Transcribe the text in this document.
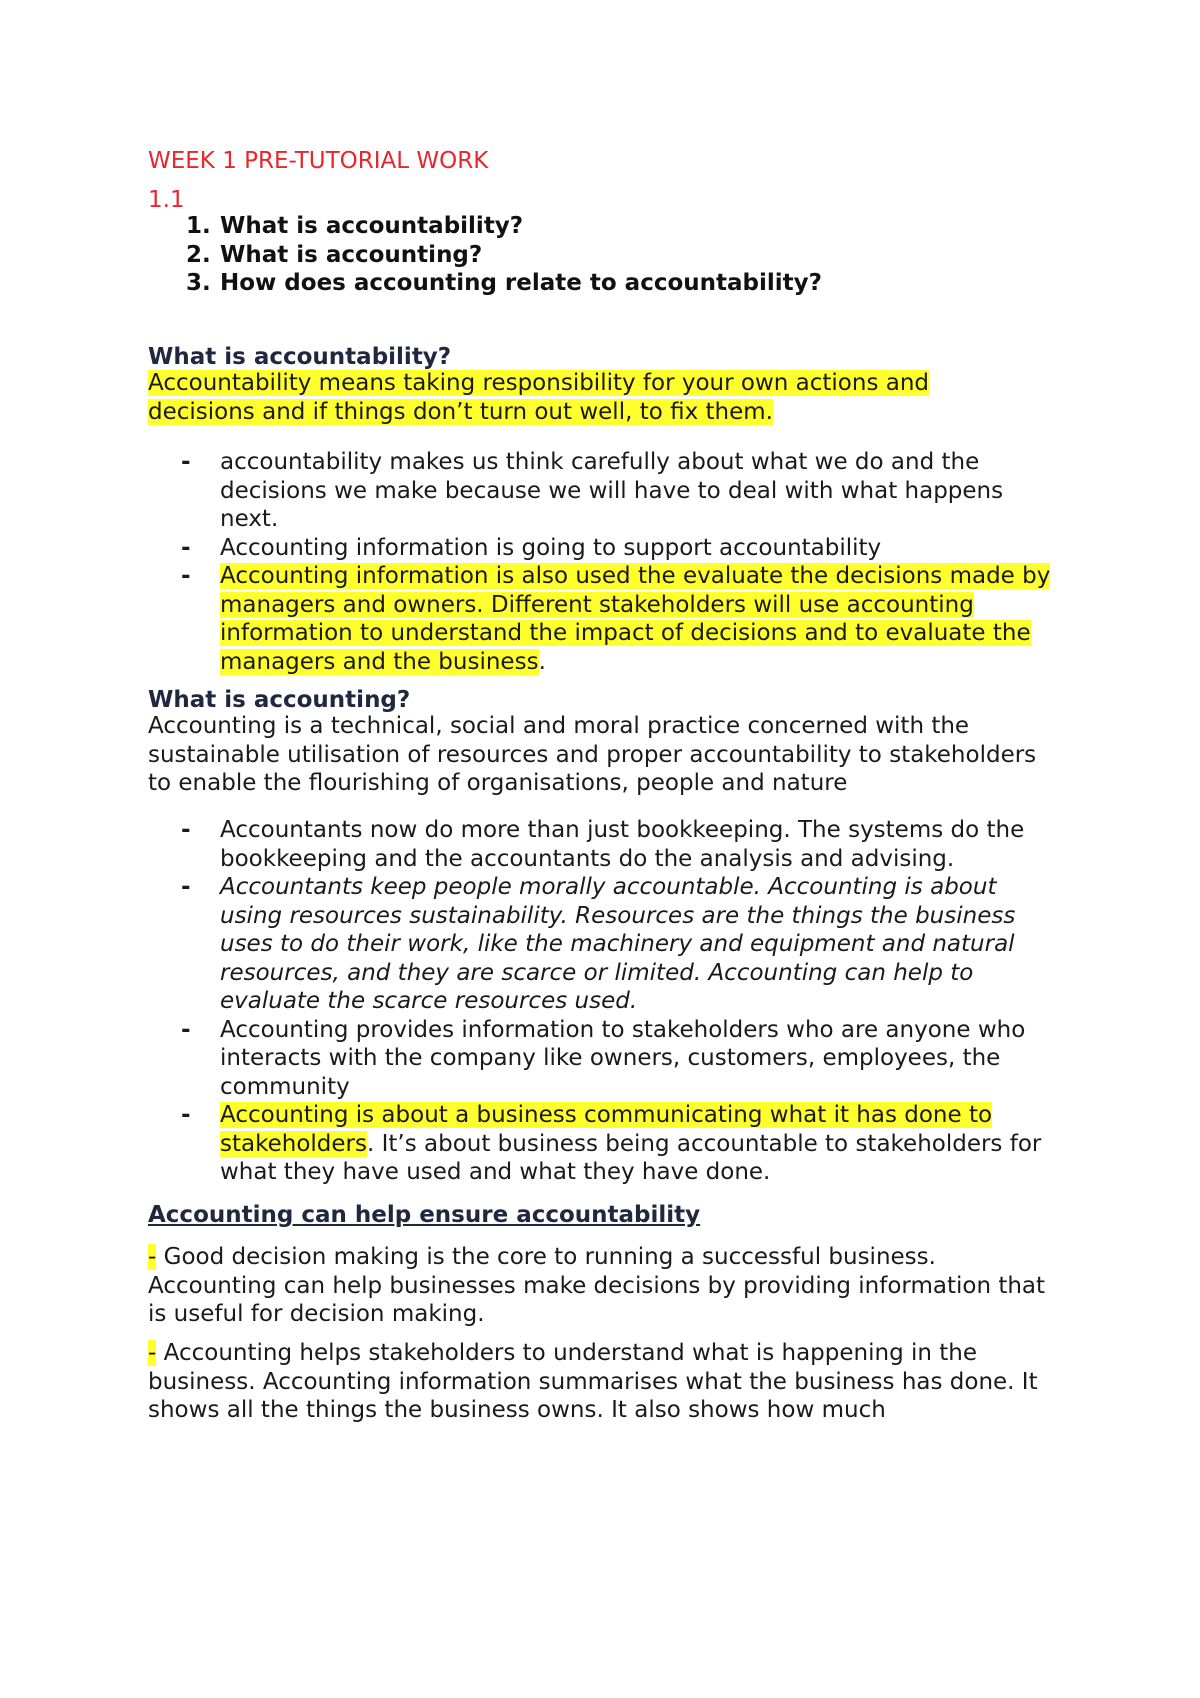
WEEK 1 PRE-TUTORIAL WORK
1.1
1. What is accountability?
2. What is accounting?
3. How does accounting relate to accountability?
What is accountability?
Accountability means taking responsibility for your own actions and decisions and if things don’t turn out well, to fix them.
- accountability makes us think carefully about what we do and the decisions we make because we will have to deal with what happens next.
- Accounting information is going to support accountability
- Accounting information is also used the evaluate the decisions made by managers and owners. Different stakeholders will use accounting information to understand the impact of decisions and to evaluate the managers and the business.
What is accounting?
Accounting is a technical, social and moral practice concerned with the sustainable utilisation of resources and proper accountability to stakeholders to enable the flourishing of organisations, people and nature
- Accountants now do more than just bookkeeping. The systems do the bookkeeping and the accountants do the analysis and advising.
- Accountants keep people morally accountable. Accounting is about using resources sustainability. Resources are the things the business uses to do their work, like the machinery and equipment and natural resources, and they are scarce or limited. Accounting can help to evaluate the scarce resources used.
- Accounting provides information to stakeholders who are anyone who interacts with the company like owners, customers, employees, the community
- Accounting is about a business communicating what it has done to stakeholders. It’s about business being accountable to stakeholders for what they have used and what they have done.
Accounting can help ensure accountability
- Good decision making is the core to running a successful business. Accounting can help businesses make decisions by providing information that is useful for decision making.
- Accounting helps stakeholders to understand what is happening in the business. Accounting information summarises what the business has done. It shows all the things the business owns. It also shows how much
